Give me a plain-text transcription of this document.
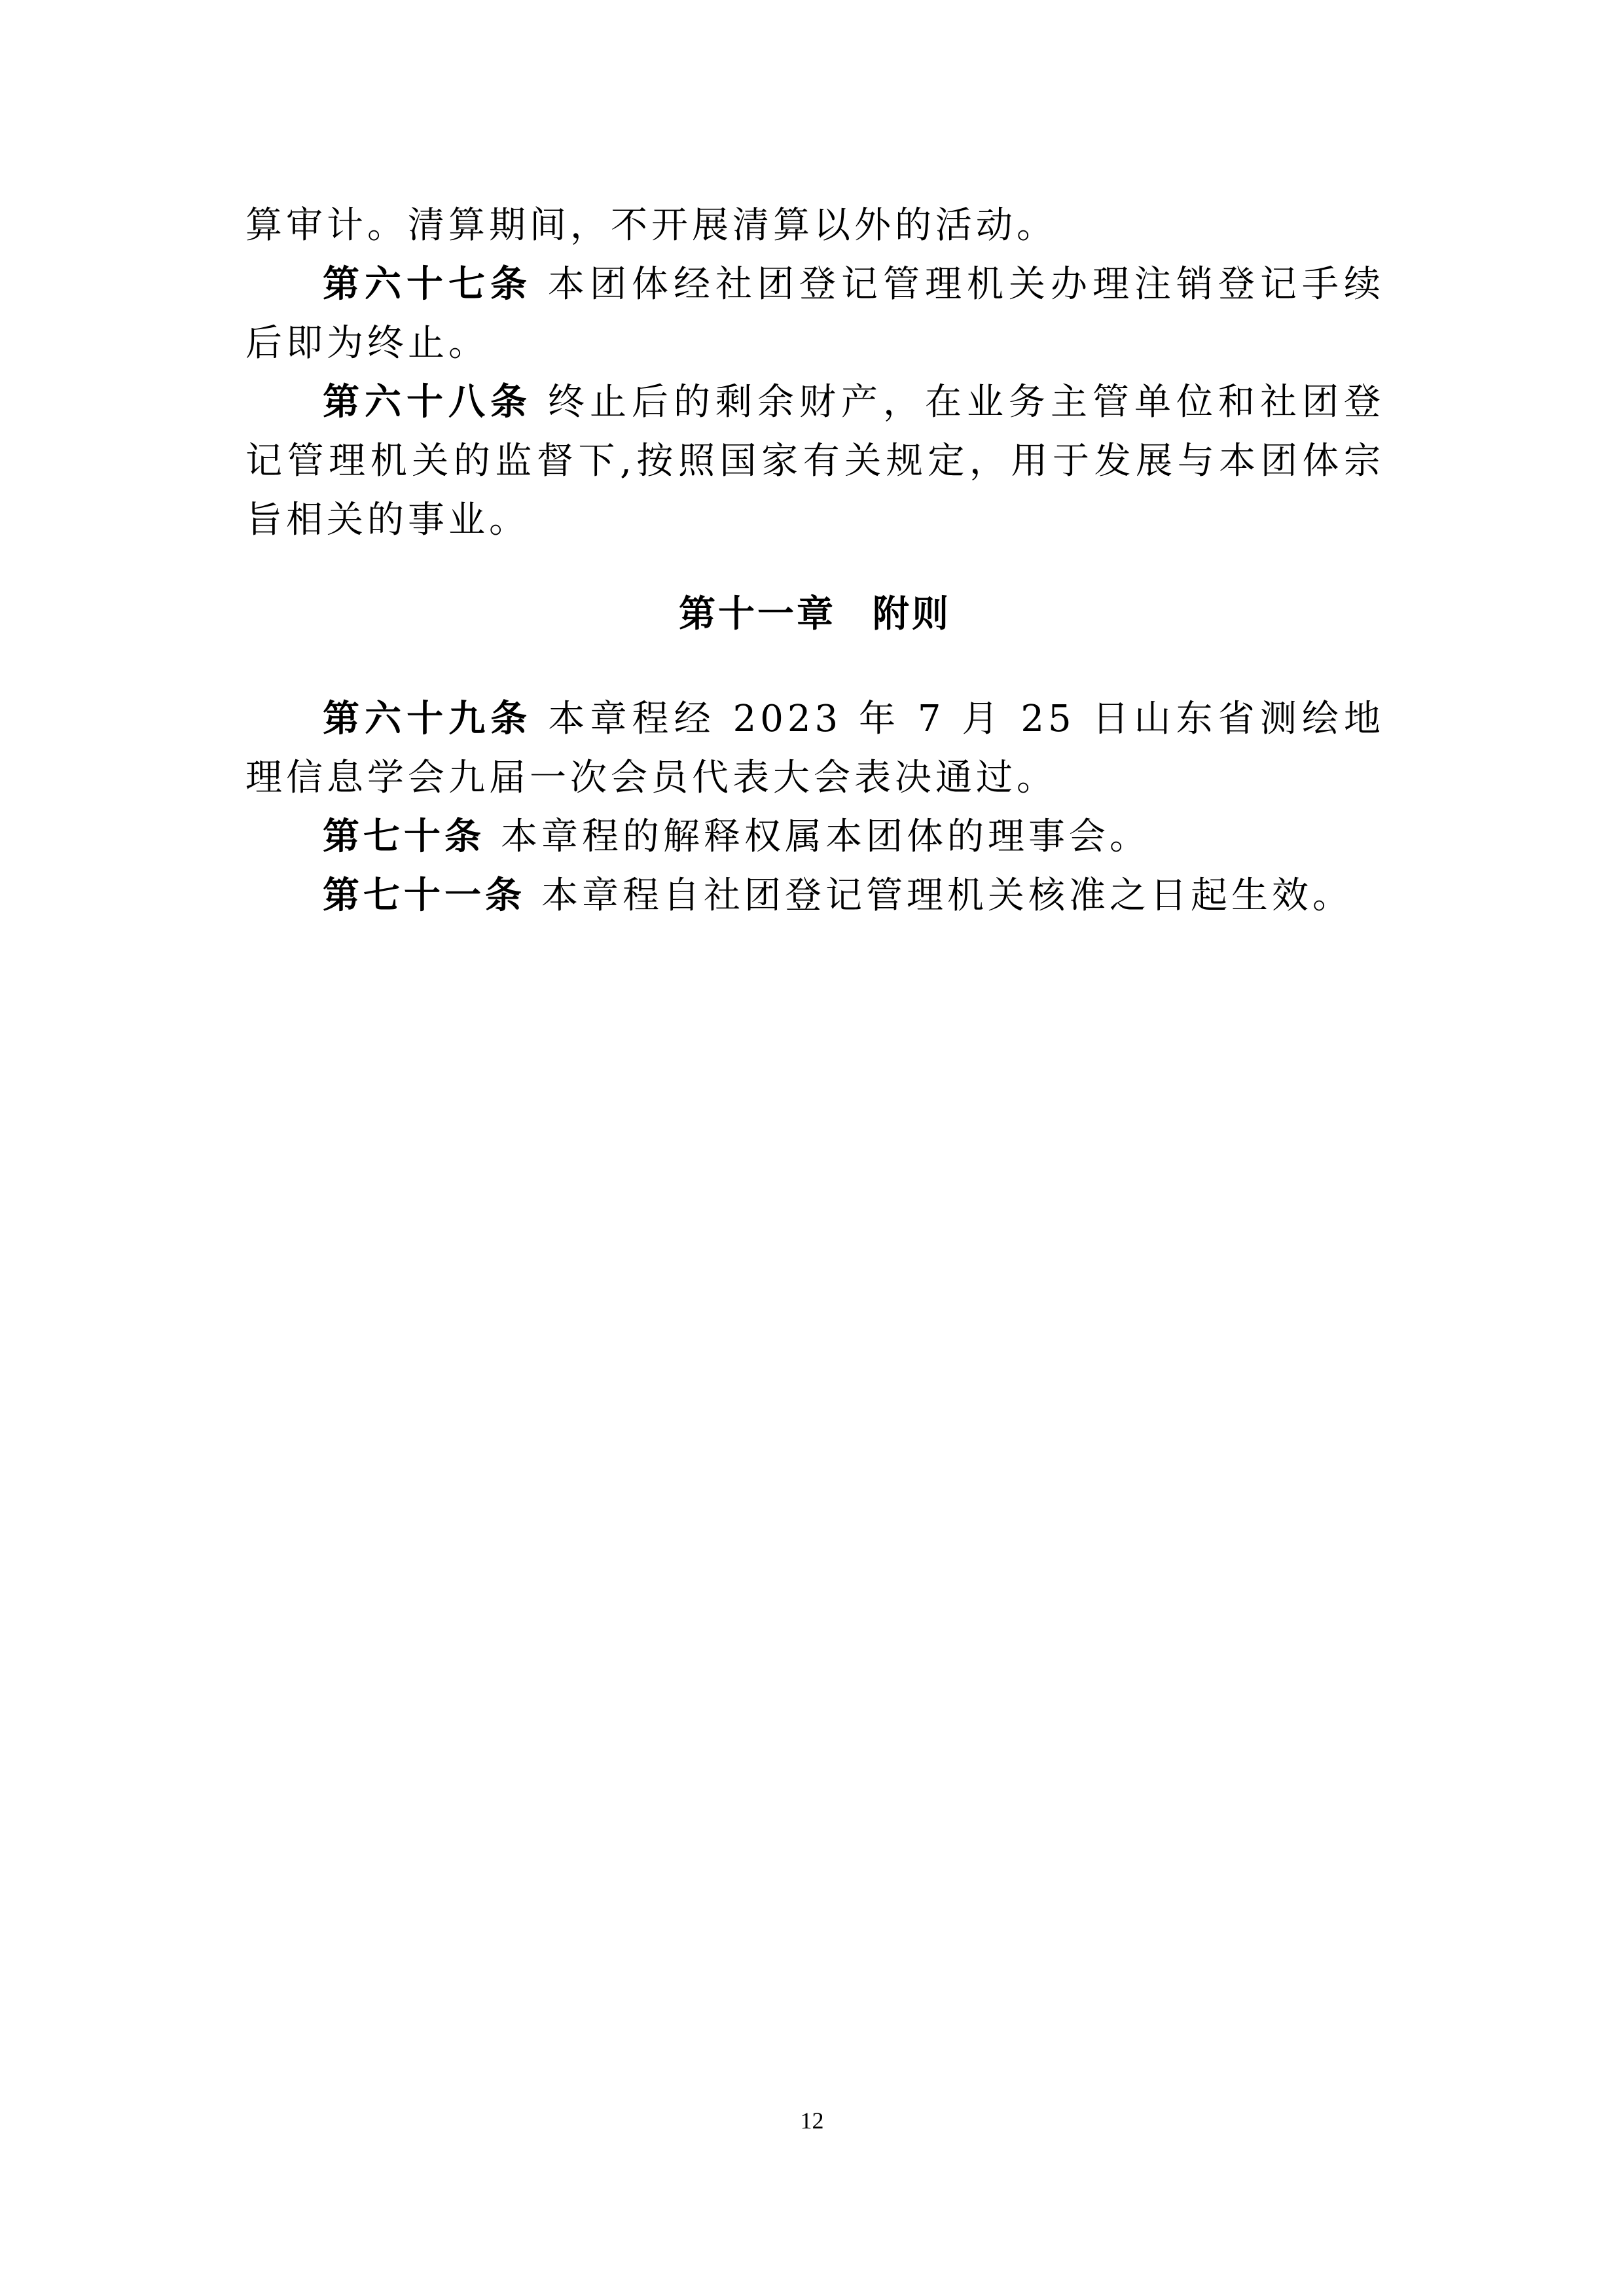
算审计。清算期间，不开展清算以外的活动。

第六十七条 本团体经社团登记管理机关办理注销登记手续后即为终止。

第六十八条 终止后的剩余财产，在业务主管单位和社团登记管理机关的监督下,按照国家有关规定，用于发展与本团体宗旨相关的事业。

第十一章 附则

第六十九条 本章程经 2023 年 7 月 25 日山东省测绘地理信息学会九届一次会员代表大会表决通过。

第七十条 本章程的解释权属本团体的理事会。

第七十一条 本章程自社团登记管理机关核准之日起生效。

12
